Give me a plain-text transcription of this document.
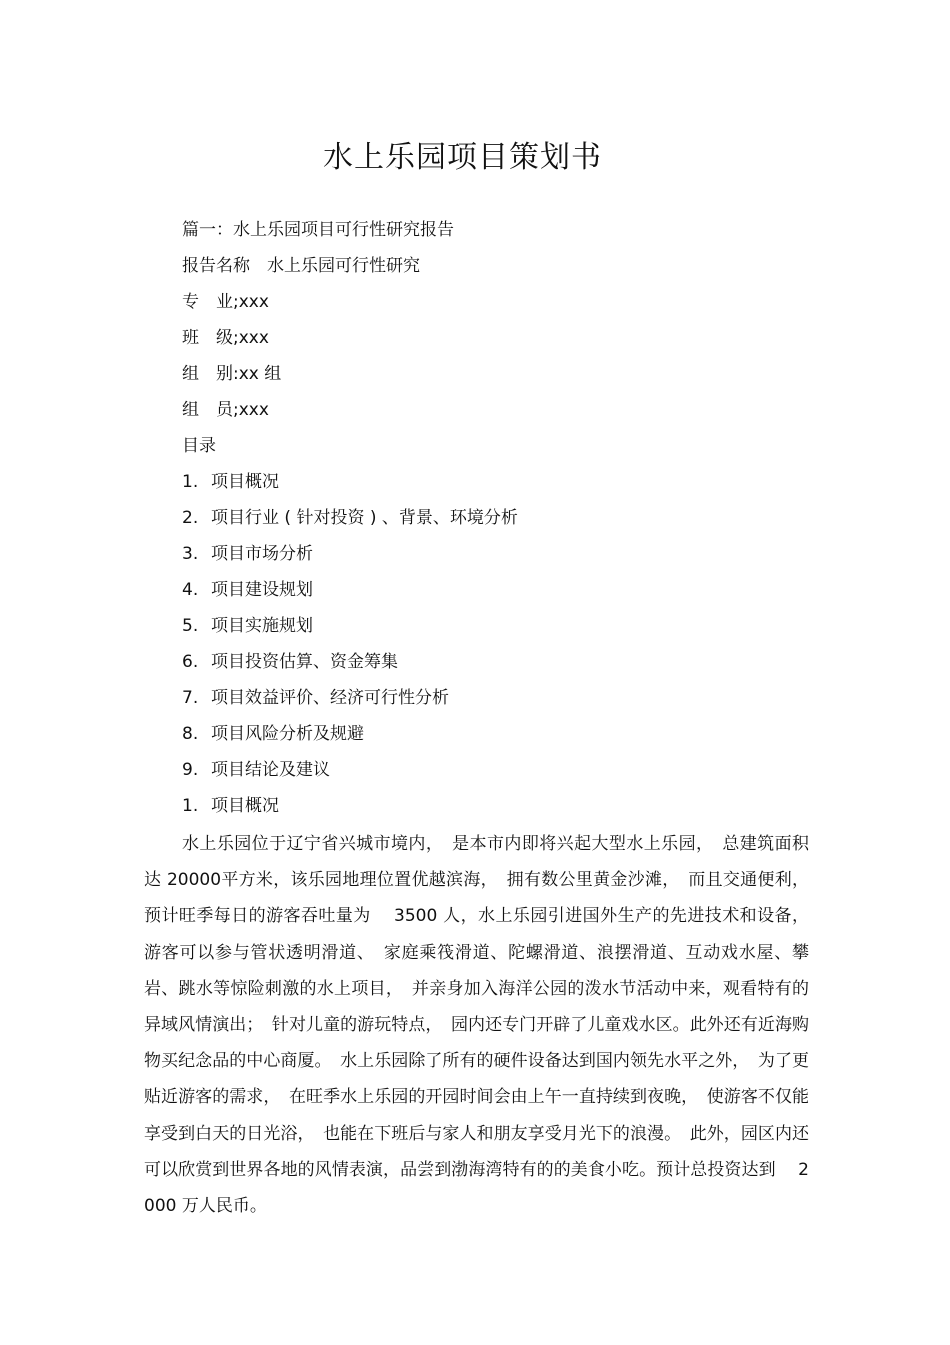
水上乐园项目策划书
篇一：水上乐园项目可行性研究报告
报告名称　水上乐园可行性研究
专　业;xxx
班　级;xxx
组　别:xx 组
组　员;xxx
目录
1. 项目概况
2. 项目行业 ( 针对投资 ) 、背景、环境分析
3. 项目市场分析
4. 项目建设规划
5. 项目实施规划
6. 项目投资估算、资金筹集
7. 项目效益评价、经济可行性分析
8. 项目风险分析及规避
9. 项目结论及建议
1. 项目概况

水上乐园位于辽宁省兴城市境内，　是本市内即将兴起大型水上乐园，　总建筑面积达 20000平方米，该乐园地理位置优越滨海，　拥有数公里黄金沙滩，　而且交通便利，预计旺季每日的游客吞吐量为　 3500 人，水上乐园引进国外生产的先进技术和设备，游客可以参与管状透明滑道、　家庭乘筏滑道、陀螺滑道、浪摆滑道、互动戏水屋、攀岩、跳水等惊险刺激的水上项目，　并亲身加入海洋公园的泼水节活动中来，观看特有的异域风情演出；　针对儿童的游玩特点，　园内还专门开辟了儿童戏水区。此外还有近海购物买纪念品的中心商厦。　水上乐园除了所有的硬件设备达到国内领先水平之外，　为了更贴近游客的需求，　在旺季水上乐园的开园时间会由上午一直持续到夜晚，　使游客不仅能享受到白天的日光浴，　也能在下班后与家人和朋友享受月光下的浪漫。　此外，园区内还可以欣赏到世界各地的风情表演，品尝到渤海湾特有的的美食小吃。预计总投资达到　 2000 万人民币。
